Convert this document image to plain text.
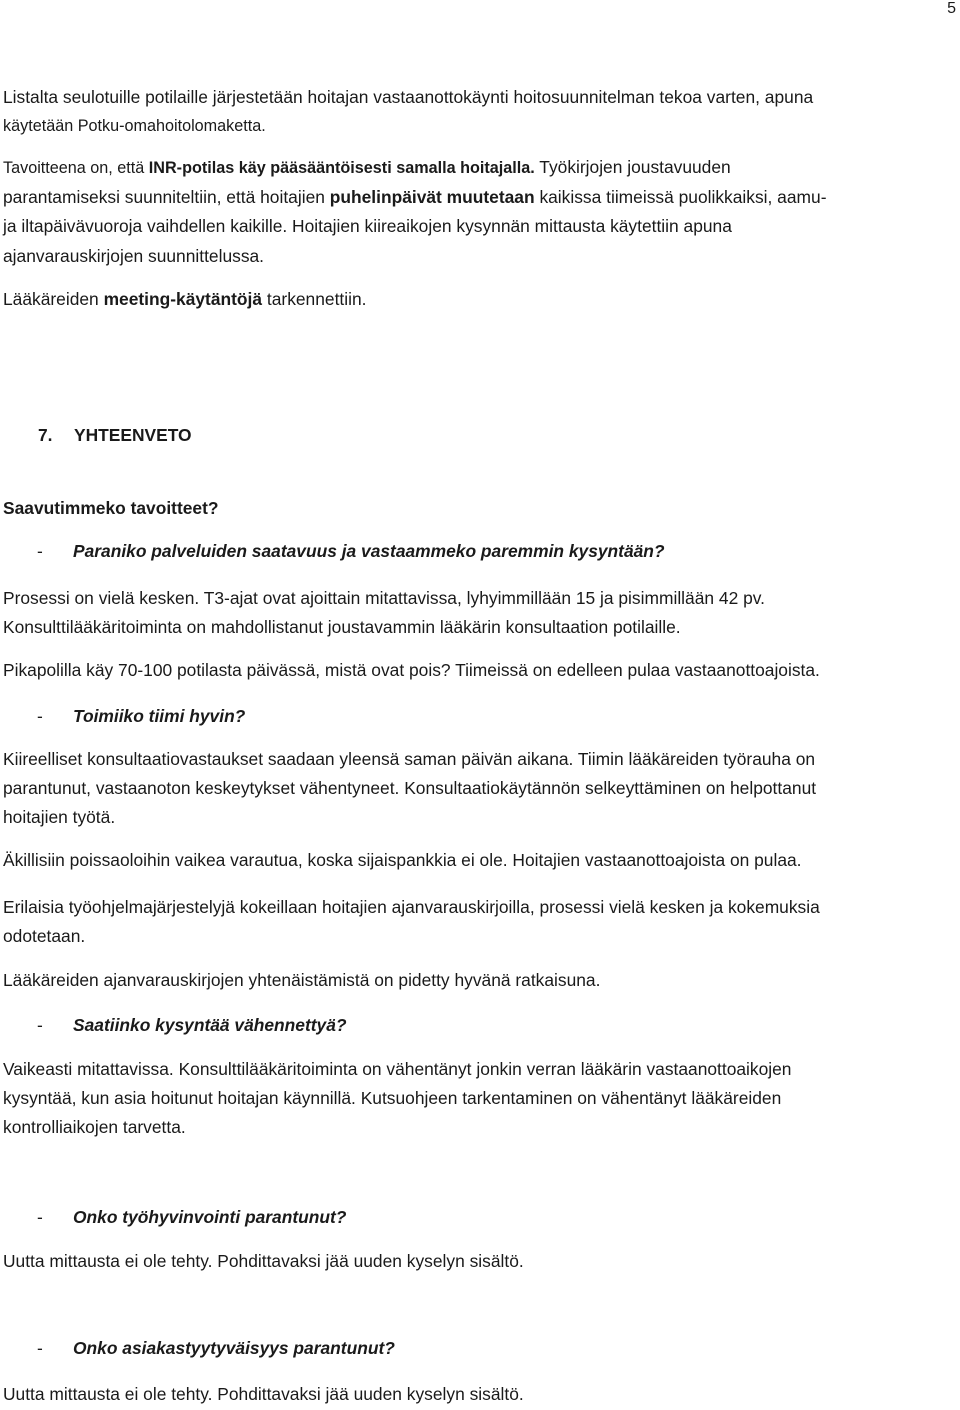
5

Listalta seulotuille potilaille järjestetään hoitajan vastaanottokäynti hoitosuunnitelman tekoa varten, apuna

käytetään Potku-omahoitolomaketta.

Tavoitteena on, että INR-potilas käy pääsääntöisesti samalla hoitajalla. Työkirjojen joustavuuden

parantamiseksi suunniteltiin, että hoitajien puhelinpäivät muutetaan kaikissa tiimeissä puolikkaiksi, aamu-

ja iltapäivävuoroja vaihdellen kaikille. Hoitajien kiireaikojen kysynnän mittausta käytettiin apuna

ajanvarauskirjojen suunnittelussa.

Lääkäreiden meeting-käytäntöjä tarkennettiin.

7. YHTEENVETO
Saavutimmeko tavoitteet?
- Paraniko palveluiden saatavuus ja vastaammeko paremmin kysyntään?

Prosessi on vielä kesken. T3-ajat ovat ajoittain mitattavissa, lyhyimmillään 15 ja pisimmillään 42 pv.

Konsulttilääkäritoiminta on mahdollistanut joustavammin lääkärin konsultaation potilaille.

Pikapolilla käy 70-100 potilasta päivässä, mistä ovat pois? Tiimeissä on edelleen pulaa vastaanottoajoista.

- Toimiiko tiimi hyvin?

Kiireelliset konsultaatiovastaukset saadaan yleensä saman päivän aikana. Tiimin lääkäreiden työrauha on

parantunut, vastaanoton keskeytykset vähentyneet. Konsultaatiokäytännön selkeyttäminen on helpottanut

hoitajien työtä.

Äkillisiin poissaoloihin vaikea varautua, koska sijaispankkia ei ole. Hoitajien vastaanottoajoista on pulaa.

Erilaisia työohjelmajärjestelyjä kokeillaan hoitajien ajanvarauskirjoilla, prosessi vielä kesken ja kokemuksia

odotetaan.

Lääkäreiden ajanvarauskirjojen yhtenäistämistä on pidetty hyvänä ratkaisuna.

- Saatiinko kysyntää vähennettyä?

Vaikeasti mitattavissa. Konsulttilääkäritoiminta on vähentänyt jonkin verran lääkärin vastaanottoaikojen

kysyntää, kun asia hoitunut hoitajan käynnillä. Kutsuohjeen tarkentaminen on vähentänyt lääkäreiden

kontrolliaikojen tarvetta.

- Onko työhyvinvointi parantunut?

Uutta mittausta ei ole tehty. Pohdittavaksi jää uuden kyselyn sisältö.

- Onko asiakastyytyväisyys parantunut?

Uutta mittausta ei ole tehty. Pohdittavaksi jää uuden kyselyn sisältö.
